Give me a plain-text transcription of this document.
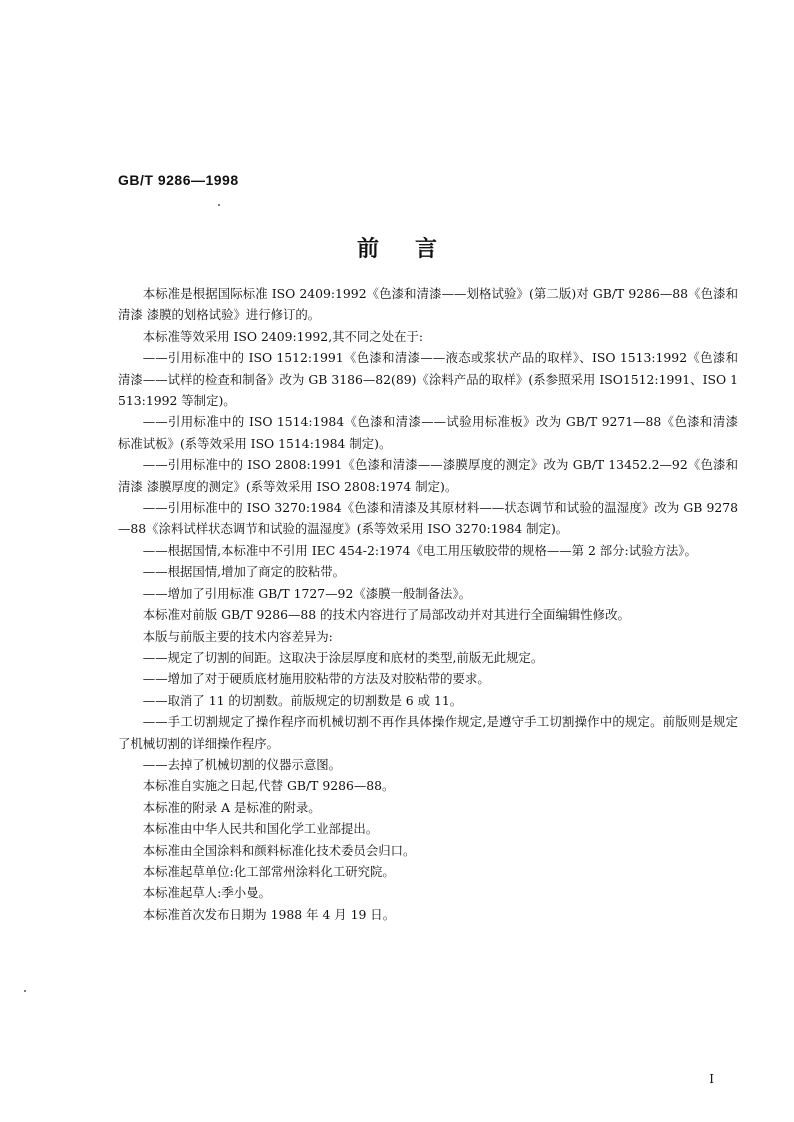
GB/T 9286—1998
前言

本标准是根据国际标准 ISO 2409:1992《色漆和清漆——划格试验》(第二版)对 GB/T 9286—88《色漆和清漆 漆膜的划格试验》进行修订的。

本标准等效采用 ISO 2409:1992,其不同之处在于:

——引用标准中的 ISO 1512:1991《色漆和清漆——液态或浆状产品的取样》、ISO 1513:1992《色漆和清漆——试样的检查和制备》改为 GB 3186—82(89)《涂料产品的取样》(系参照采用 ISO1512:1991、ISO 1513:1992 等制定)。

——引用标准中的 ISO 1514:1984《色漆和清漆——试验用标准板》改为 GB/T 9271—88《色漆和清漆 标准试板》(系等效采用 ISO 1514:1984 制定)。

——引用标准中的 ISO 2808:1991《色漆和清漆——漆膜厚度的测定》改为 GB/T 13452.2—92《色漆和清漆 漆膜厚度的测定》(系等效采用 ISO 2808:1974 制定)。

——引用标准中的 ISO 3270:1984《色漆和清漆及其原材料——状态调节和试验的温湿度》改为 GB 9278—88《涂料试样状态调节和试验的温湿度》(系等效采用 ISO 3270:1984 制定)。

——根据国情,本标准中不引用 IEC 454-2:1974《电工用压敏胶带的规格——第 2 部分:试验方法》。

——根据国情,增加了商定的胶粘带。

——增加了引用标准 GB/T 1727—92《漆膜一般制备法》。

本标准对前版 GB/T 9286—88 的技术内容进行了局部改动并对其进行全面编辑性修改。

本版与前版主要的技术内容差异为:

——规定了切割的间距。这取决于涂层厚度和底材的类型,前版无此规定。

——增加了对于硬质底材施用胶粘带的方法及对胶粘带的要求。

——取消了 11 的切割数。前版规定的切割数是 6 或 11。

——手工切割规定了操作程序而机械切割不再作具体操作规定,是遵守手工切割操作中的规定。前版则是规定了机械切割的详细操作程序。

——去掉了机械切割的仪器示意图。

本标准自实施之日起,代替 GB/T 9286—88。

本标准的附录 A 是标准的附录。

本标准由中华人民共和国化学工业部提出。

本标准由全国涂料和颜料标准化技术委员会归口。

本标准起草单位:化工部常州涂料化工研究院。

本标准起草人:季小曼。

本标准首次发布日期为 1988 年 4 月 19 日。

I
